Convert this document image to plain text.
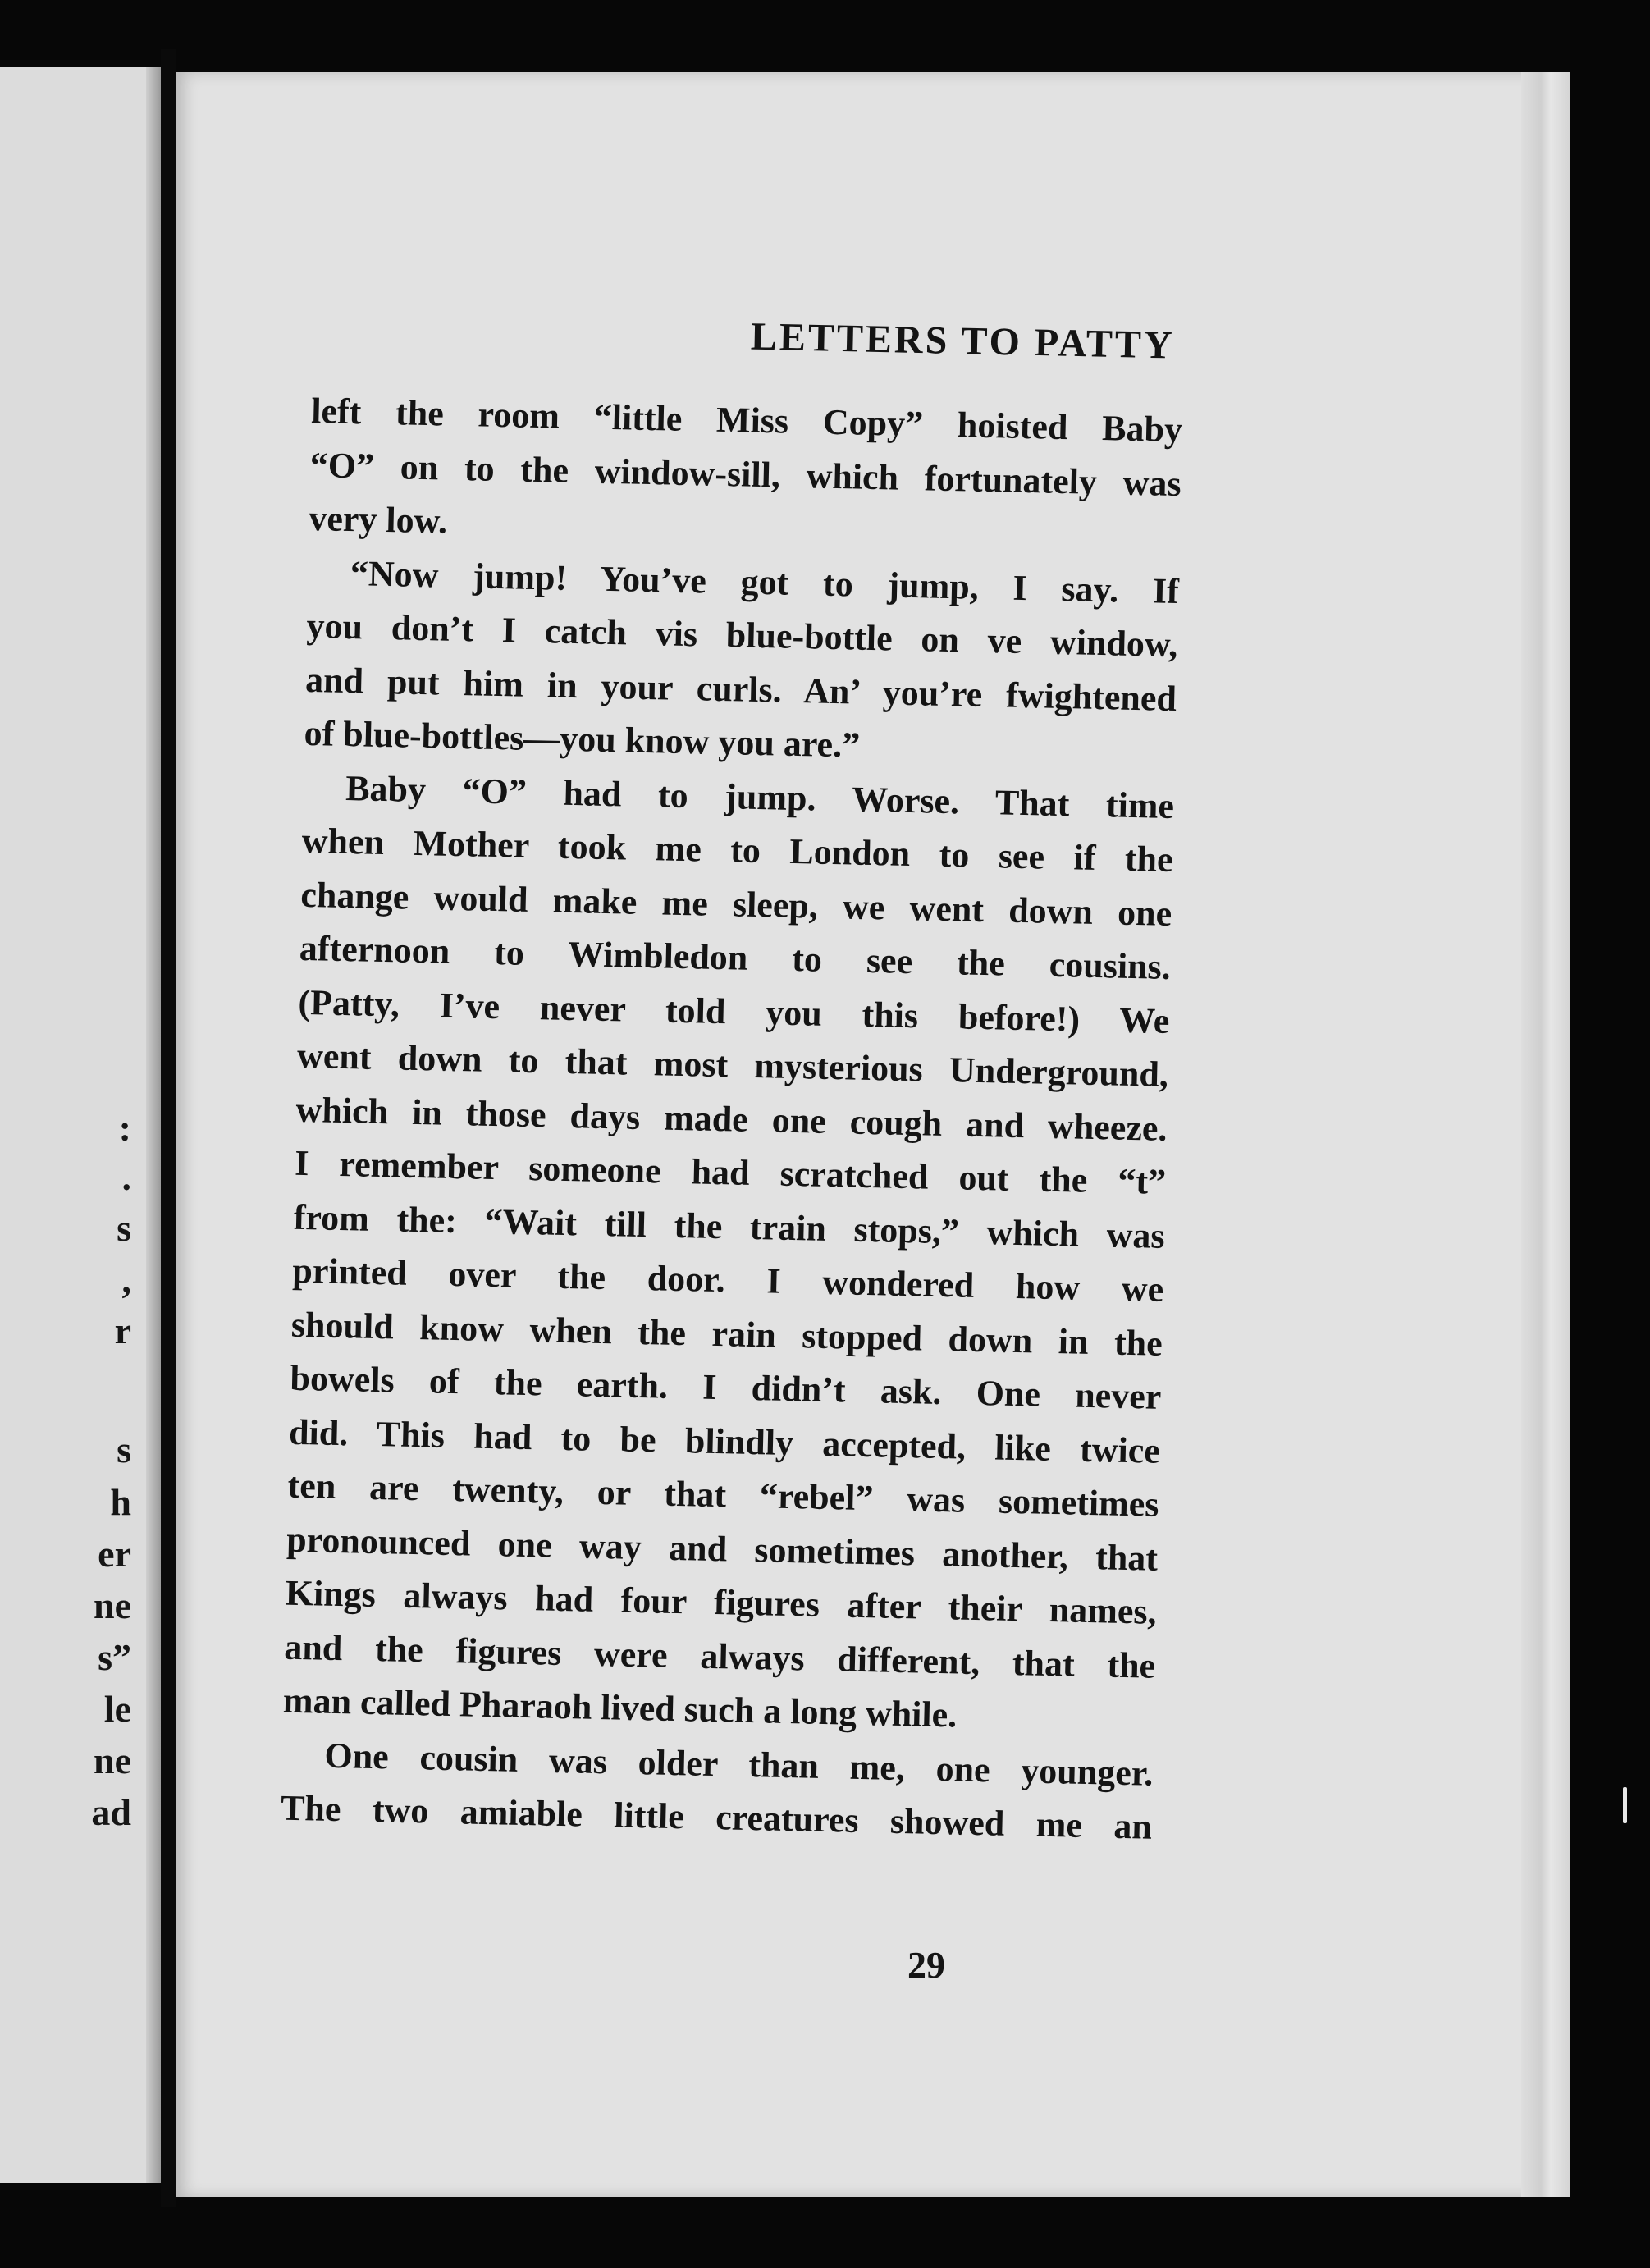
:
.
s
,
r
s
h
er
ne
s”
le
ne
ad
LETTERS TO PATTY
left the room “little Miss Copy” hoisted Baby
“O” on to the window-sill, which fortunately was
very low.
“Now jump! You’ve got to jump, I say. If
you don’t I catch vis blue-bottle on ve window,
and put him in your curls. An’ you’re fwightened
of blue-bottles—you know you are.”
Baby “O” had to jump. Worse. That time
when Mother took me to London to see if the
change would make me sleep, we went down one
afternoon to Wimbledon to see the cousins.
(Patty, I’ve never told you this before!) We
went down to that most mysterious Underground,
which in those days made one cough and wheeze.
I remember someone had scratched out the “t”
from the: “Wait till the train stops,” which was
printed over the door. I wondered how we
should know when the rain stopped down in the
bowels of the earth. I didn’t ask. One never
did. This had to be blindly accepted, like twice
ten are twenty, or that “rebel” was sometimes
pronounced one way and sometimes another, that
Kings always had four figures after their names,
and the figures were always different, that the
man called Pharaoh lived such a long while.
One cousin was older than me, one younger.
The two amiable little creatures showed me an
29
